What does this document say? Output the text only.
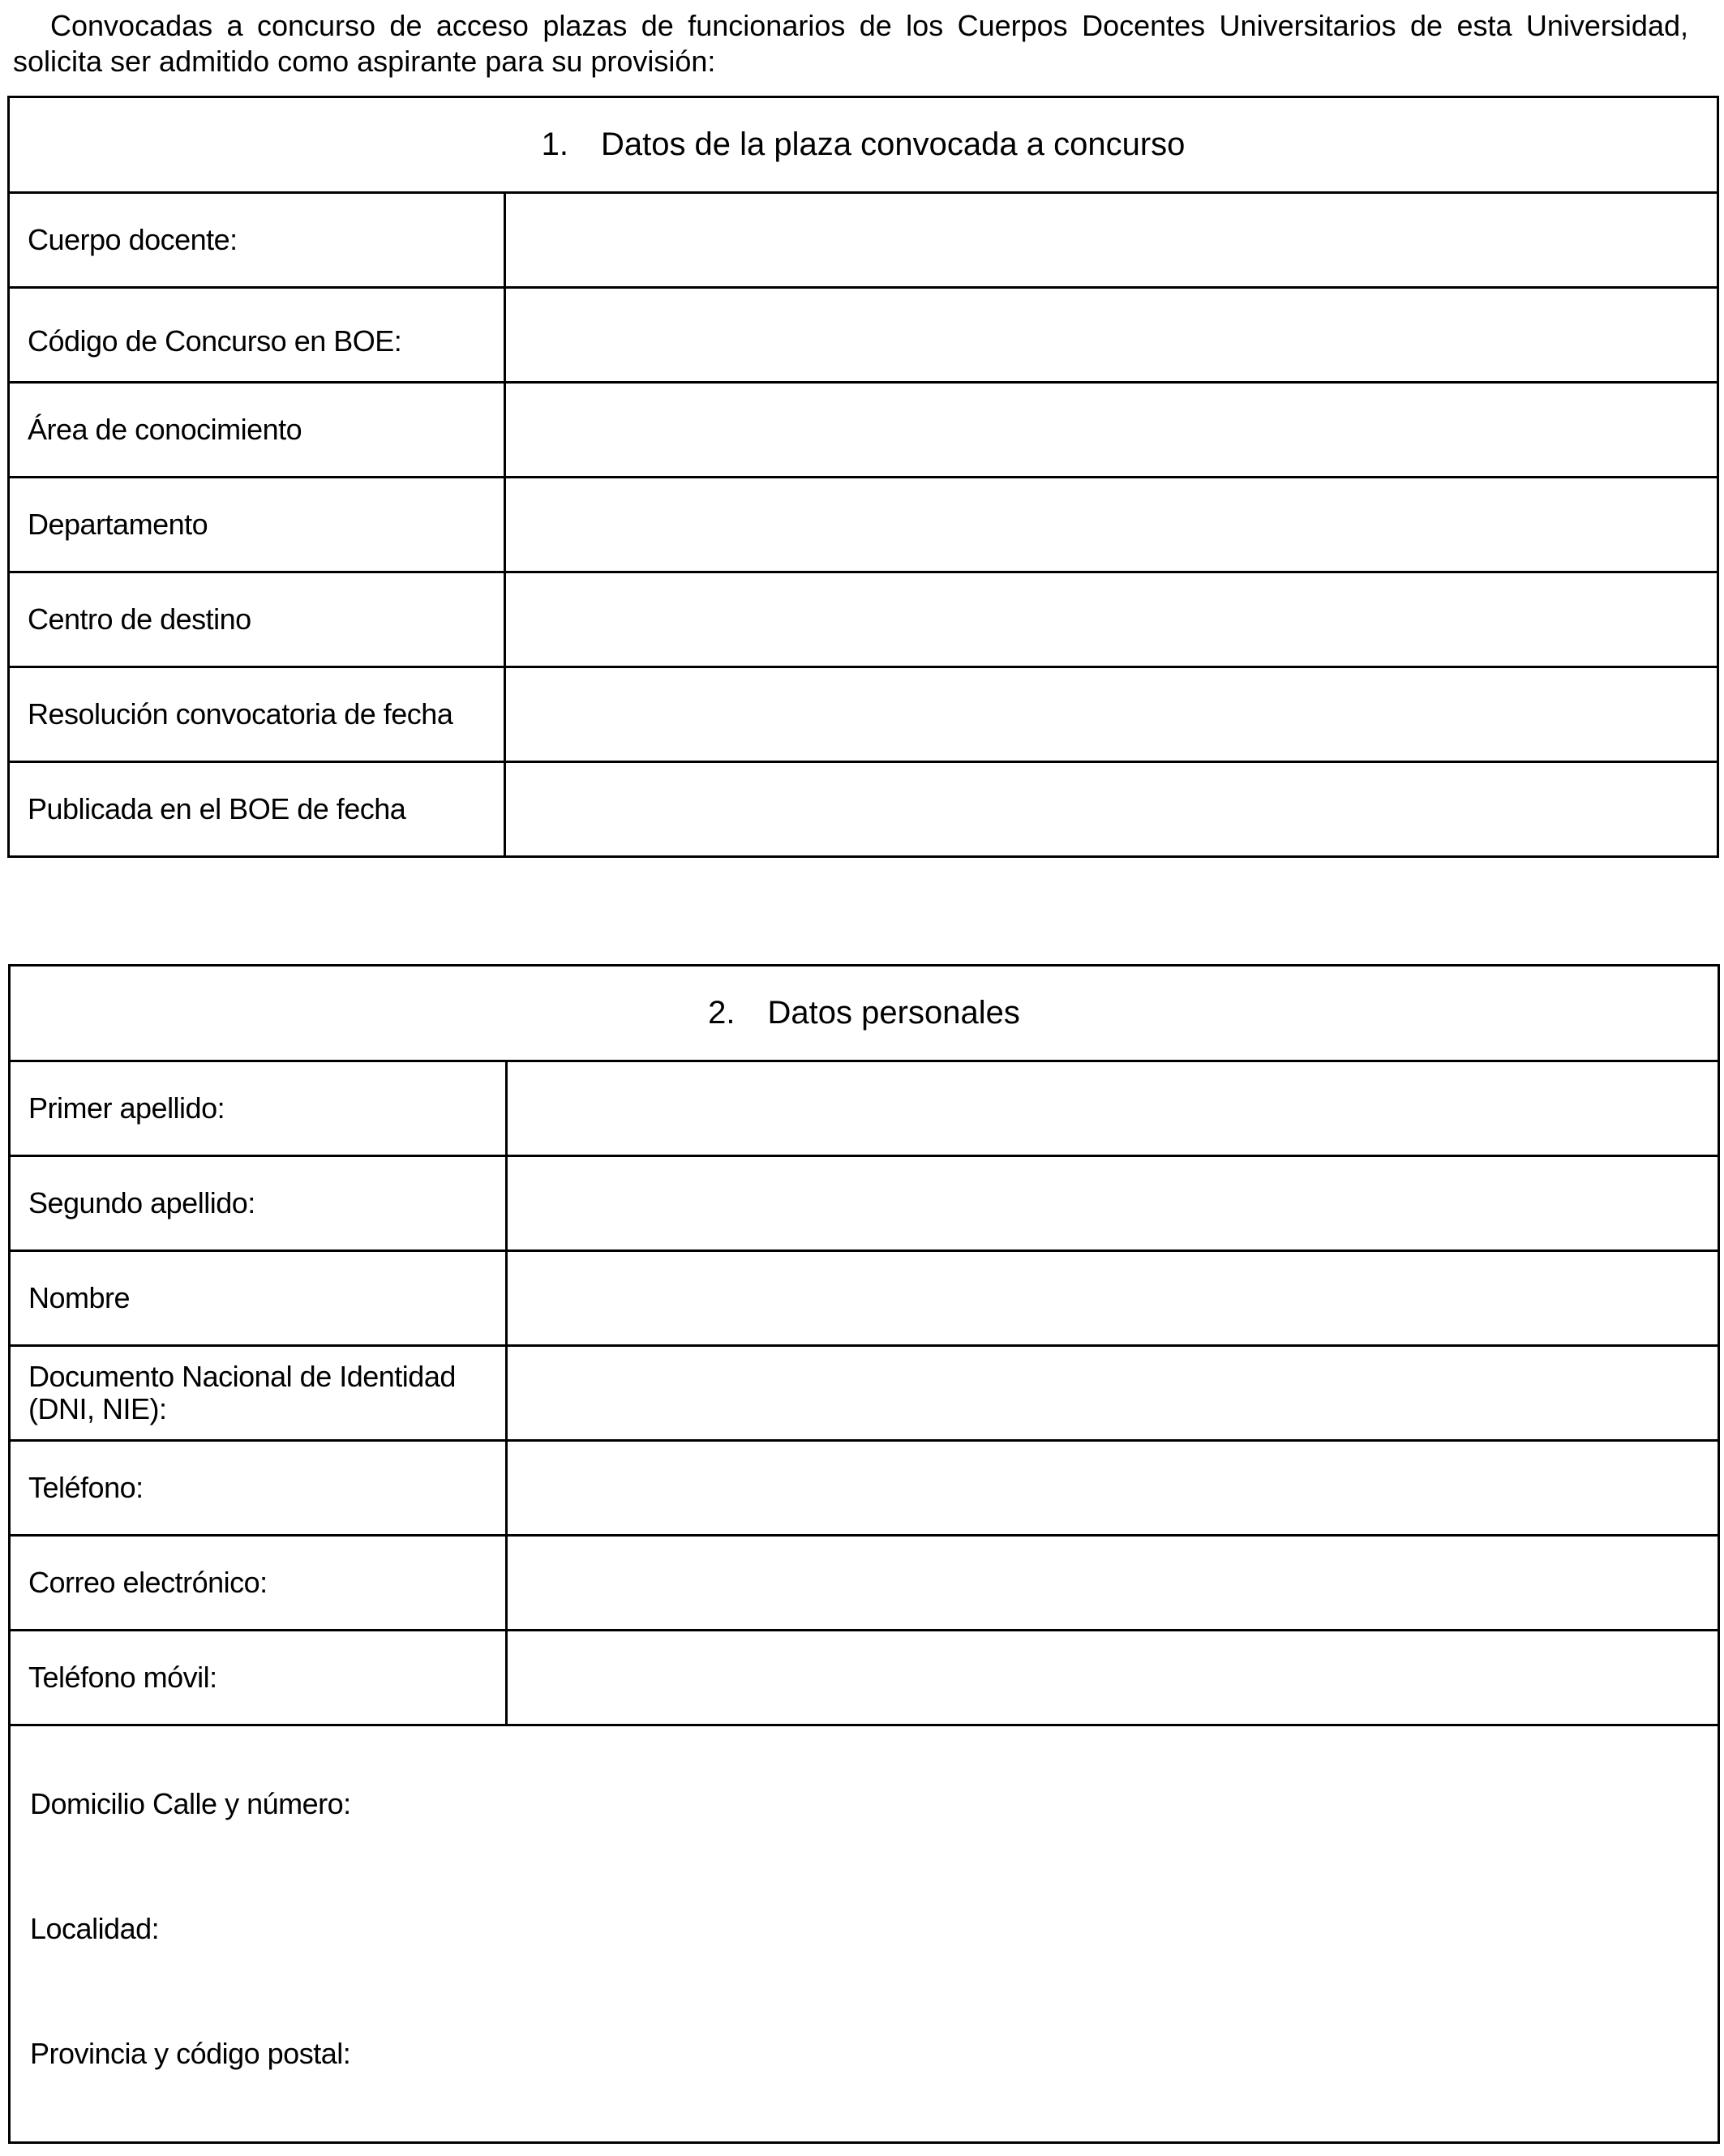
Convocadas a concurso de acceso plazas de funcionarios de los Cuerpos Docentes Universitarios de esta Universidad,
solicita ser admitido como aspirante para su provisión:

1. Datos de la plaza convocada a concurso	
Cuerpo docente:	
Código de Concurso en BOE:	
Área de conocimiento	
Departamento	
Centro de destino	
Resolución convocatoria de fecha	
Publicada en el BOE de fecha	
2. Datos personales	
Primer apellido:	
Segundo apellido:	
Nombre	
Documento Nacional de Identidad (DNI, NIE):	
Teléfono:	
Correo electrónico:	
Teléfono móvil:	

Domicilio Calle y número:
Localidad:
Provincia y código postal:	
